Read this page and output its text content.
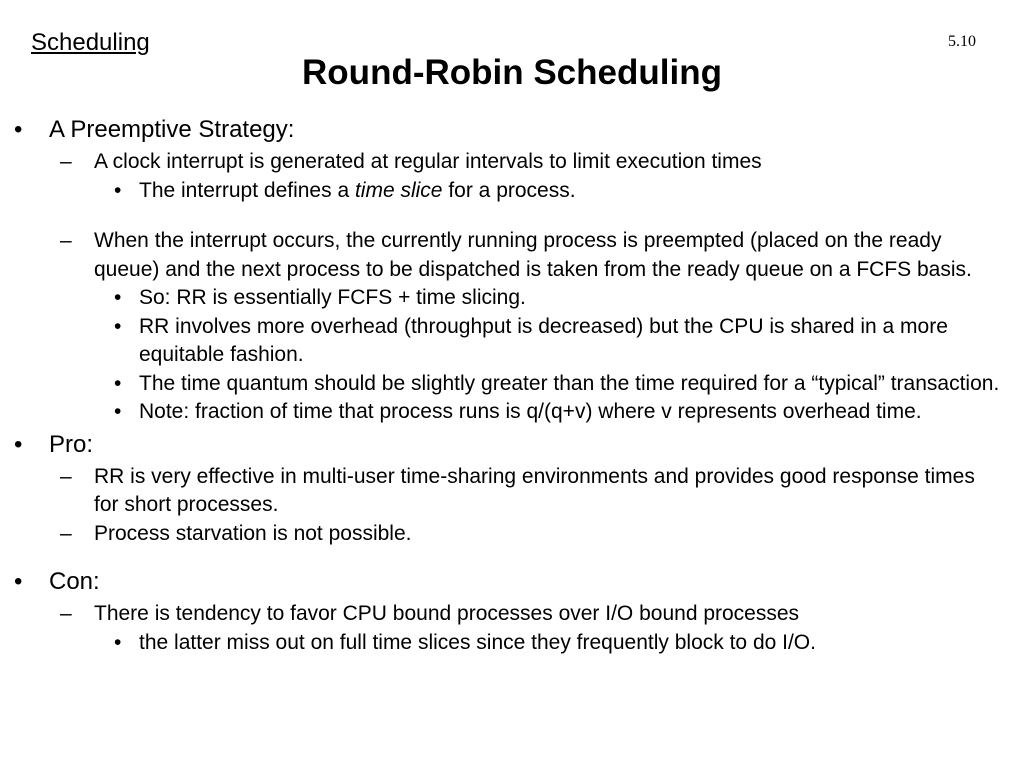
Scheduling	5.10
Round-Robin Scheduling

• A Preemptive Strategy:

– A clock interrupt is generated at regular intervals to limit execution times

• The interrupt defines a time slice for a process.

– When the interrupt occurs, the currently running process is preempted (placed on the ready queue) and the next process to be dispatched is taken from the ready queue on a FCFS basis.

• So: RR is essentially FCFS + time slicing.

• RR involves more overhead (throughput is decreased) but the CPU is shared in a more equitable fashion.

• The time quantum should be slightly greater than the time required for a “typical” transaction.

• Note: fraction of time that process runs is q/(q+v) where v represents overhead time.

• Pro:

– RR is very effective in multi-user time-sharing environments and provides good response times for short processes.

– Process starvation is not possible.

• Con:

– There is tendency to favor CPU bound processes over I/O bound processes

• the latter miss out on full time slices since they frequently block to do I/O.
